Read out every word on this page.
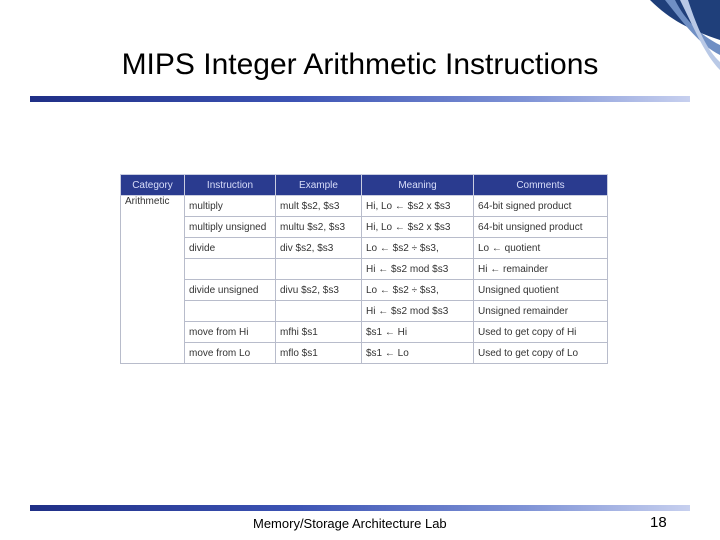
MIPS Integer Arithmetic Instructions
Category	Instruction	Example	Meaning	Comments
Arithmetic	multiply	mult $s2, $s3	Hi, Lo ← $s2 x $s3	64-bit signed product
	multiply unsigned	multu $s2, $s3	Hi, Lo ← $s2 x $s3	64-bit unsigned product
	divide	div $s2, $s3	Lo ← $s2 ÷ $s3,	Lo ← quotient
			Hi ← $s2 mod $s3	Hi ← remainder
	divide unsigned	divu $s2, $s3	Lo ← $s2 ÷ $s3,	Unsigned quotient
			Hi ← $s2 mod $s3	Unsigned remainder
	move from Hi	mfhi $s1	$s1 ← Hi	Used to get copy of Hi
	move from Lo	mflo $s1	$s1 ← Lo	Used to get copy of Lo
Memory/Storage Architecture Lab	18
